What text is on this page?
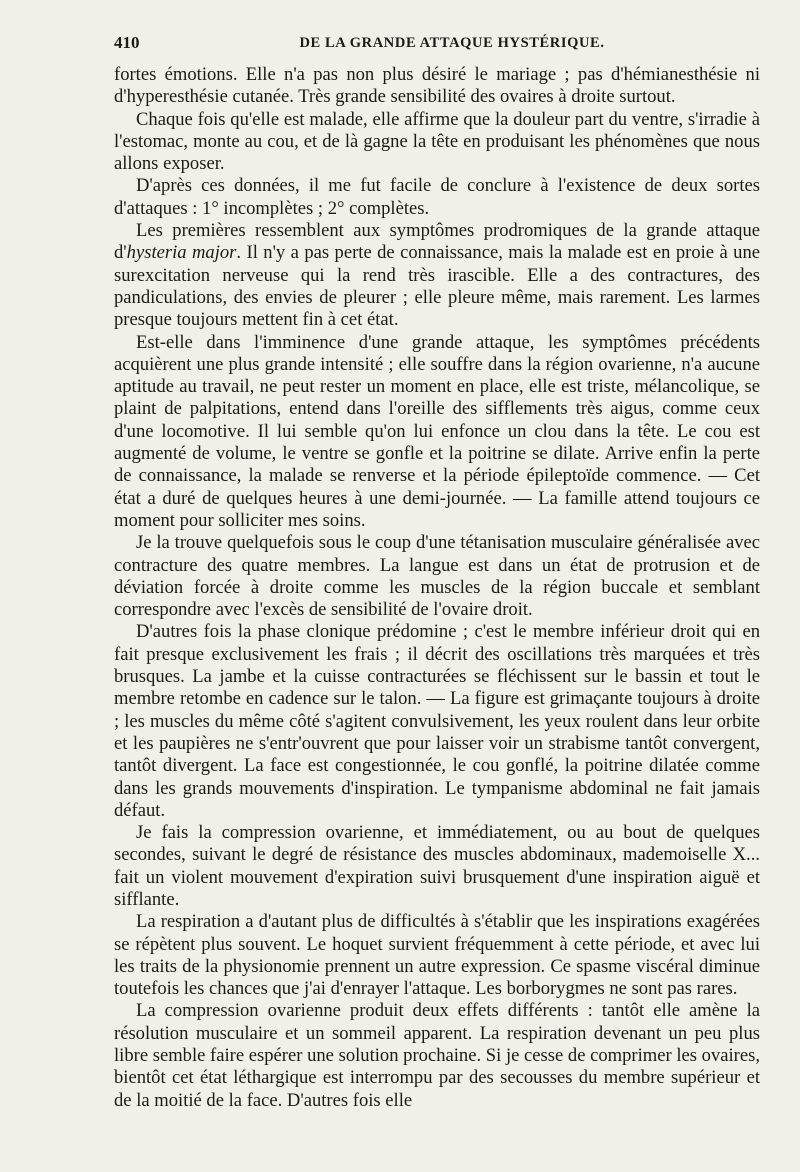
410	DE LA GRANDE ATTAQUE HYSTÉRIQUE.

fortes émotions. Elle n'a pas non plus désiré le mariage ; pas d'hémianesthésie ni d'hyperesthésie cutanée. Très grande sensibilité des ovaires à droite surtout.

Chaque fois qu'elle est malade, elle affirme que la douleur part du ventre, s'irradie à l'estomac, monte au cou, et de là gagne la tête en produisant les phénomènes que nous allons exposer.

D'après ces données, il me fut facile de conclure à l'existence de deux sortes d'attaques : 1° incomplètes ; 2° complètes.

Les premières ressemblent aux symptômes prodromiques de la grande attaque d'hysteria major. Il n'y a pas perte de connaissance, mais la malade est en proie à une surexcitation nerveuse qui la rend très irascible. Elle a des contractures, des pandiculations, des envies de pleurer ; elle pleure même, mais rarement. Les larmes presque toujours mettent fin à cet état.

Est-elle dans l'imminence d'une grande attaque, les symptômes précédents acquièrent une plus grande intensité ; elle souffre dans la région ovarienne, n'a aucune aptitude au travail, ne peut rester un moment en place, elle est triste, mélancolique, se plaint de palpitations, entend dans l'oreille des sifflements très aigus, comme ceux d'une locomotive. Il lui semble qu'on lui enfonce un clou dans la tête. Le cou est augmenté de volume, le ventre se gonfle et la poitrine se dilate. Arrive enfin la perte de connaissance, la malade se renverse et la période épileptoïde commence. — Cet état a duré de quelques heures à une demi-journée. — La famille attend toujours ce moment pour solliciter mes soins.

Je la trouve quelquefois sous le coup d'une tétanisation musculaire généralisée avec contracture des quatre membres. La langue est dans un état de protrusion et de déviation forcée à droite comme les muscles de la région buccale et semblant correspondre avec l'excès de sensibilité de l'ovaire droit.

D'autres fois la phase clonique prédomine ; c'est le membre inférieur droit qui en fait presque exclusivement les frais ; il décrit des oscillations très marquées et très brusques. La jambe et la cuisse contracturées se fléchissent sur le bassin et tout le membre retombe en cadence sur le talon. — La figure est grimaçante toujours à droite ; les muscles du même côté s'agitent convulsivement, les yeux roulent dans leur orbite et les paupières ne s'entr'ouvrent que pour laisser voir un strabisme tantôt convergent, tantôt divergent. La face est congestionnée, le cou gonflé, la poitrine dilatée comme dans les grands mouvements d'inspiration. Le tympanisme abdominal ne fait jamais défaut.

Je fais la compression ovarienne, et immédiatement, ou au bout de quelques secondes, suivant le degré de résistance des muscles abdominaux, mademoiselle X... fait un violent mouvement d'expiration suivi brusquement d'une inspiration aiguë et sifflante.

La respiration a d'autant plus de difficultés à s'établir que les inspirations exagérées se répètent plus souvent. Le hoquet survient fréquemment à cette période, et avec lui les traits de la physionomie prennent un autre expression. Ce spasme viscéral diminue toutefois les chances que j'ai d'enrayer l'attaque. Les borborygmes ne sont pas rares.

La compression ovarienne produit deux effets différents : tantôt elle amène la résolution musculaire et un sommeil apparent. La respiration devenant un peu plus libre semble faire espérer une solution prochaine. Si je cesse de comprimer les ovaires, bientôt cet état léthargique est interrompu par des secousses du membre supérieur et de la moitié de la face. D'autres fois elle
